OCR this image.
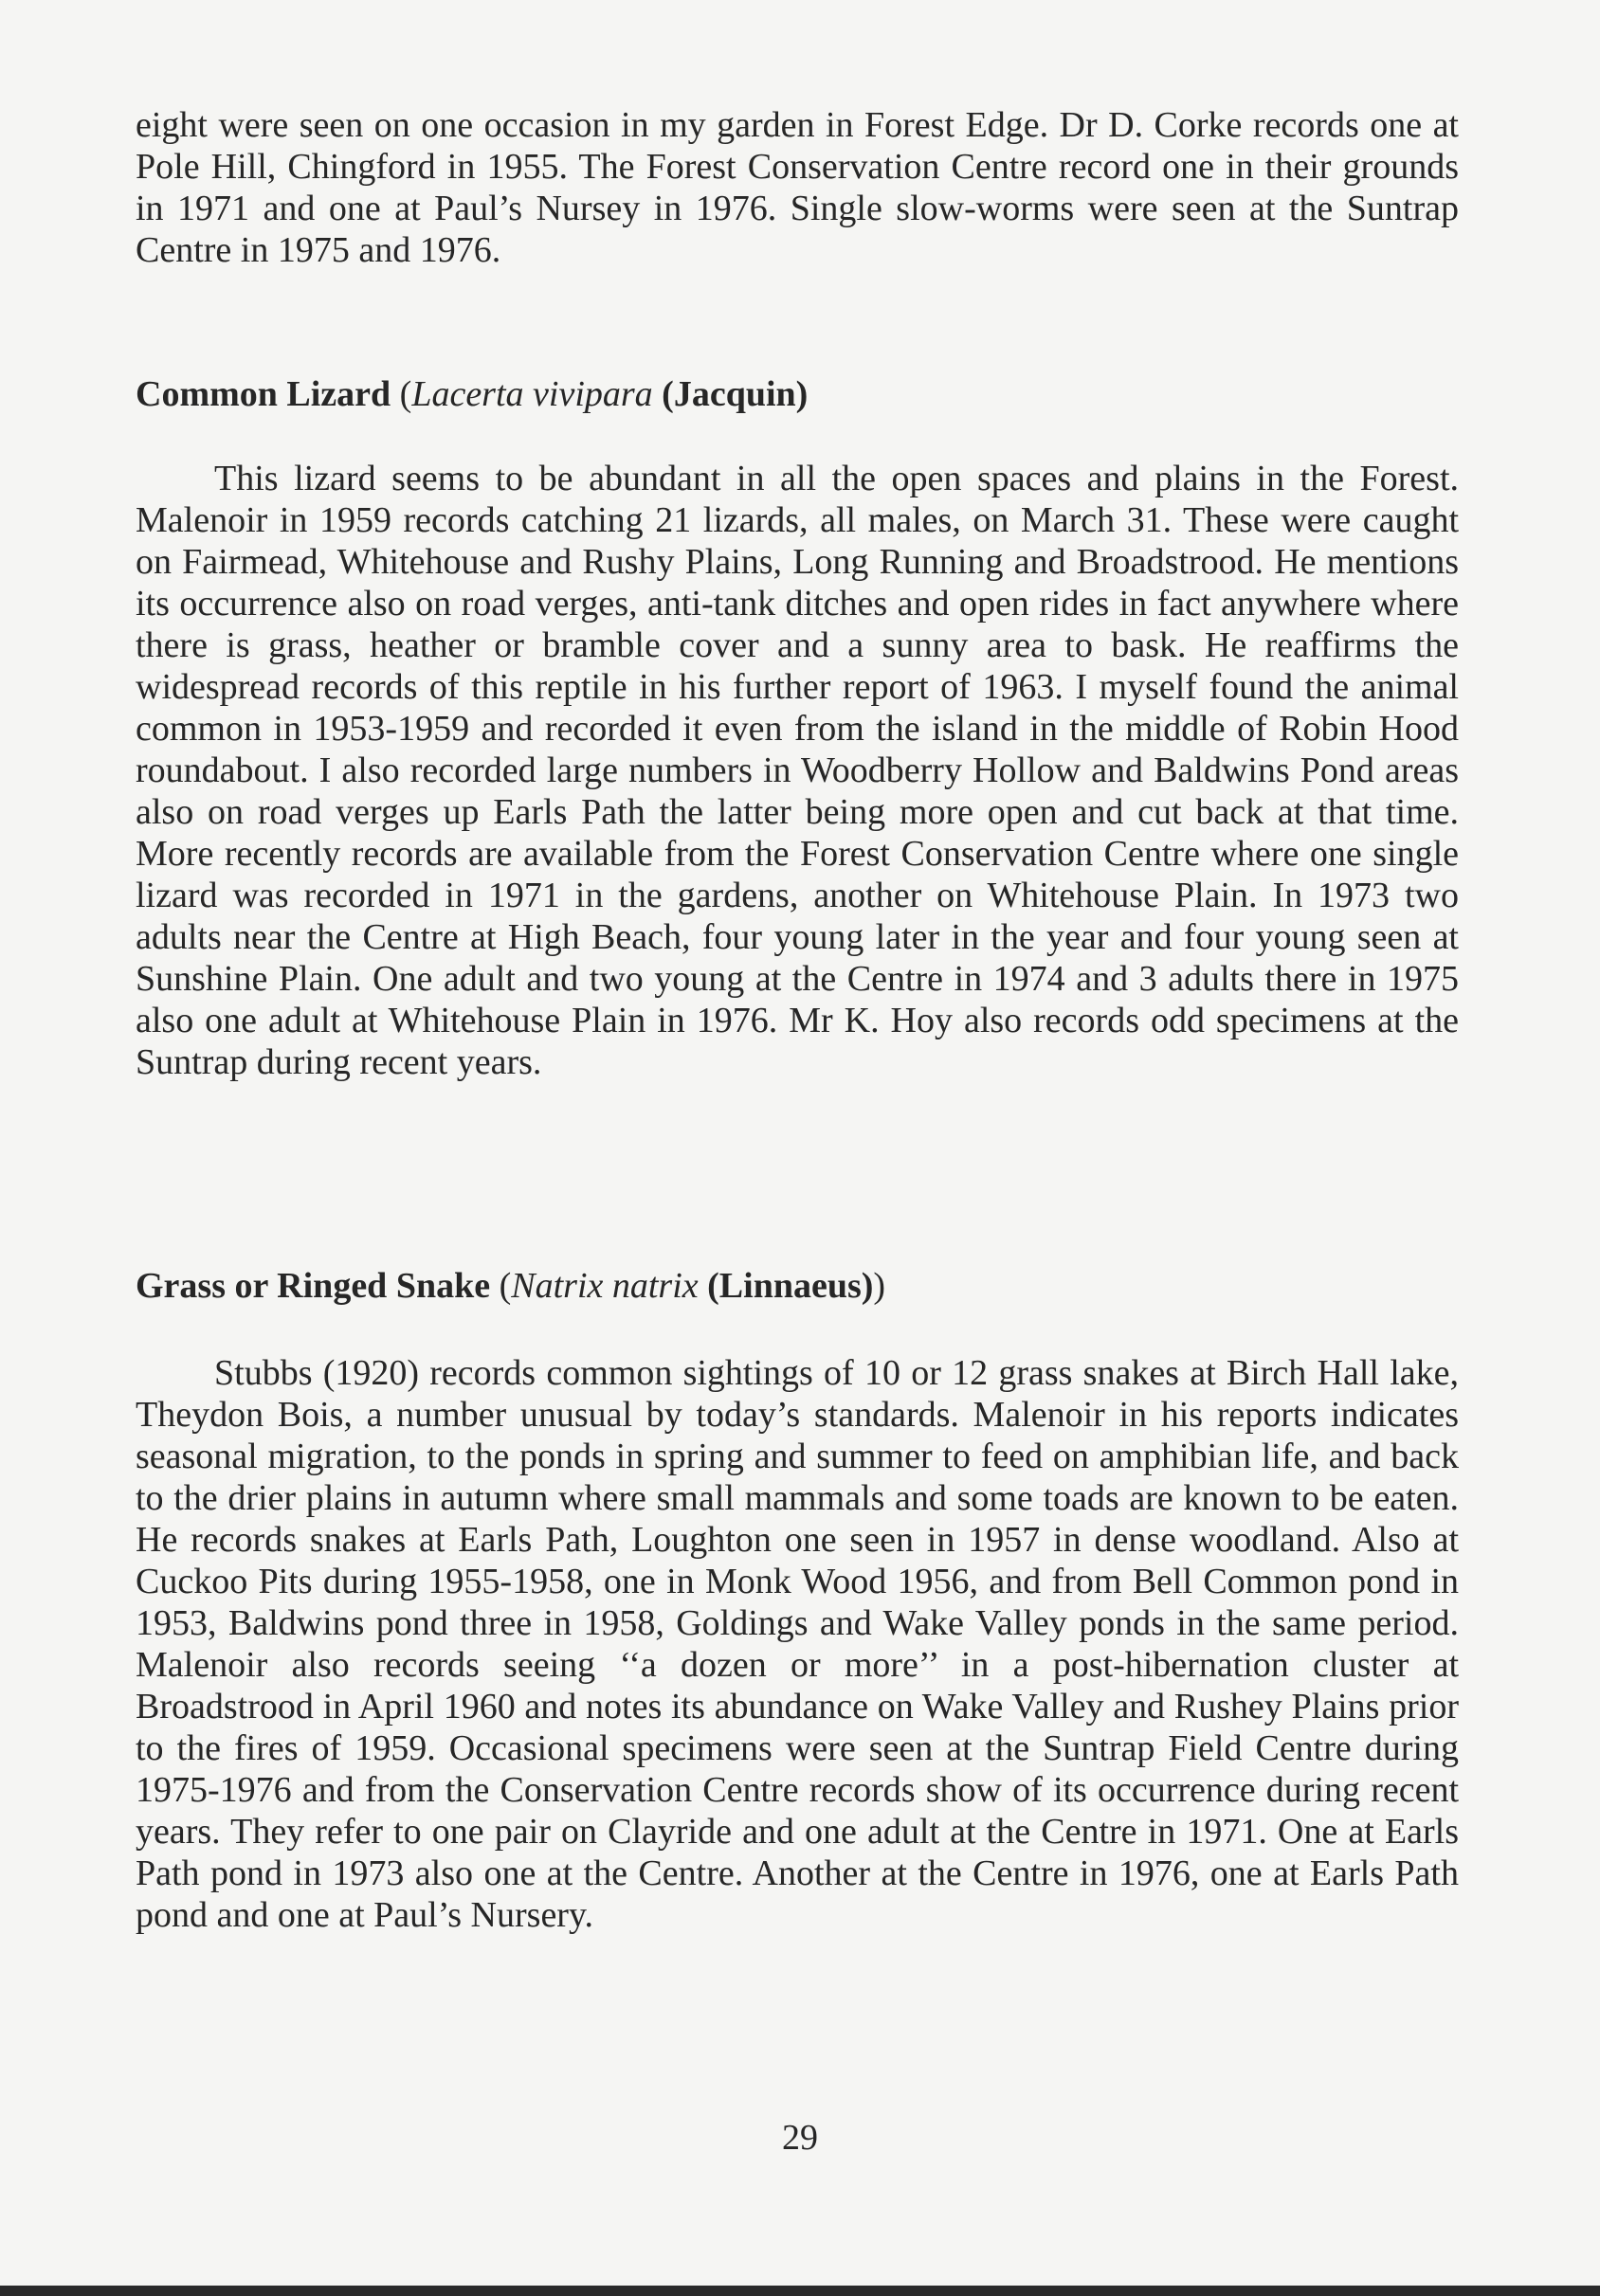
eight were seen on one occasion in my garden in Forest Edge. Dr D. Corke records one at Pole Hill, Chingford in 1955. The Forest Conservation Centre record one in their grounds in 1971 and one at Paul’s Nursey in 1976. Single slow-worms were seen at the Suntrap Centre in 1975 and 1976.

Common Lizard (Lacerta vivipara (Jacquin)

This lizard seems to be abundant in all the open spaces and plains in the Forest. Malenoir in 1959 records catching 21 lizards, all males, on March 31. These were caught on Fairmead, Whitehouse and Rushy Plains, Long Running and Broadstrood. He mentions its occurrence also on road verges, anti-tank ditches and open rides in fact anywhere where there is grass, heather or bramble cover and a sunny area to bask. He reaffirms the widespread records of this reptile in his further report of 1963. I myself found the animal common in 1953-1959 and recorded it even from the island in the middle of Robin Hood roundabout. I also recorded large numbers in Woodberry Hollow and Baldwins Pond areas also on road verges up Earls Path the latter being more open and cut back at that time. More recently records are available from the Forest Conservation Centre where one single lizard was recorded in 1971 in the gardens, another on Whitehouse Plain. In 1973 two adults near the Centre at High Beach, four young later in the year and four young seen at Sunshine Plain. One adult and two young at the Centre in 1974 and 3 adults there in 1975 also one adult at Whitehouse Plain in 1976. Mr K. Hoy also records odd specimens at the Suntrap during recent years.

Grass or Ringed Snake (Natrix natrix (Linnaeus))

Stubbs (1920) records common sightings of 10 or 12 grass snakes at Birch Hall lake, Theydon Bois, a number unusual by today’s standards. Malenoir in his reports indicates seasonal migration, to the ponds in spring and summer to feed on amphibian life, and back to the drier plains in autumn where small mammals and some toads are known to be eaten. He records snakes at Earls Path, Loughton one seen in 1957 in dense woodland. Also at Cuckoo Pits during 1955-1958, one in Monk Wood 1956, and from Bell Common pond in 1953, Baldwins pond three in 1958, Goldings and Wake Valley ponds in the same period. Malenoir also records seeing ‘‘a dozen or more’’ in a post-hibernation cluster at Broadstrood in April 1960 and notes its abundance on Wake Valley and Rushey Plains prior to the fires of 1959. Occasional specimens were seen at the Suntrap Field Centre during 1975-1976 and from the Conservation Centre records show of its occurrence during recent years. They refer to one pair on Clayride and one adult at the Centre in 1971. One at Earls Path pond in 1973 also one at the Centre. Another at the Centre in 1976, one at Earls Path pond and one at Paul’s Nursery.

29
